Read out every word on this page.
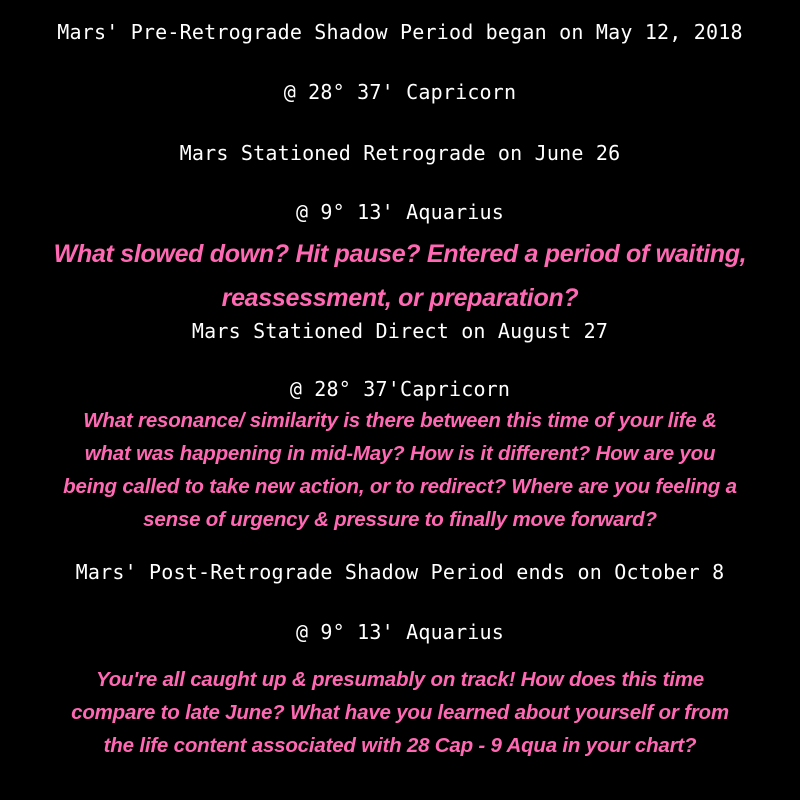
Mars' Pre-Retrograde Shadow Period began on May 12, 2018
@ 28° 37' Capricorn
Mars Stationed Retrograde on June 26
@ 9° 13' Aquarius
What slowed down? Hit pause? Entered a period of waiting,
reassessment, or preparation?
Mars Stationed Direct on August 27
@ 28° 37'Capricorn
What resonance/ similarity is there between this time of your life &
what was happening in mid-May? How is it different? How are you
being called to take new action, or to redirect? Where are you feeling a
sense of urgency & pressure to finally move forward?
Mars' Post-Retrograde Shadow Period ends on October 8
@ 9° 13' Aquarius
You're all caught up & presumably on track! How does this time
compare to late June? What have you learned about yourself or from
the life content associated with 28 Cap - 9 Aqua in your chart?
